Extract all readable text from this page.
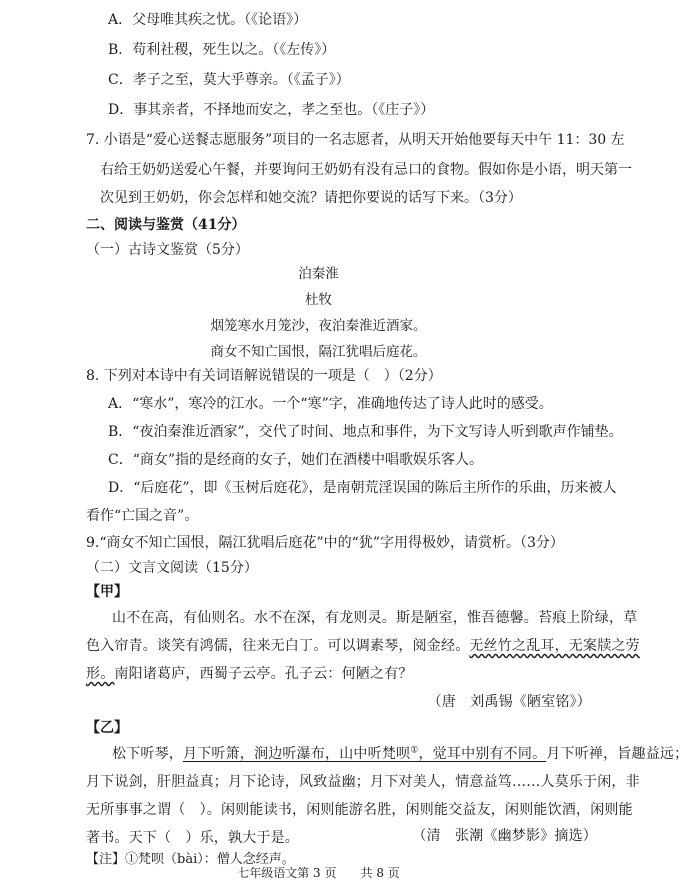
A．父母唯其疾之忧。（《论语》）
B．苟利社稷，死生以之。（《左传》）
C．孝子之至，莫大乎尊亲。（《孟子》）
D．事其亲者，不择地而安之，孝之至也。（《庄子》）
7. 小语是“爱心送餐志愿服务”项目的一名志愿者，从明天开始他要每天中午 11：30 左
右给王奶奶送爱心午餐，并要询问王奶奶有没有忌口的食物。假如你是小语，明天第一
次见到王奶奶，你会怎样和她交流？请把你要说的话写下来。（3分）
二、阅读与鉴赏（41分）
（一）古诗文鉴赏（5分）
泊秦淮
杜牧
烟笼寒水月笼沙，夜泊秦淮近酒家。
商女不知亡国恨，隔江犹唱后庭花。
8. 下列对本诗中有关词语解说错误的一项是（　）（2分）
A．“寒水”，寒冷的江水。一个“寒”字，准确地传达了诗人此时的感受。
B．“夜泊秦淮近酒家”，交代了时间、地点和事件，为下文写诗人听到歌声作铺垫。
C．“商女”指的是经商的女子，她们在酒楼中唱歌娱乐客人。
D．“后庭花”，即《玉树后庭花》，是南朝荒淫误国的陈后主所作的乐曲，历来被人
看作“亡国之音”。
9.“商女不知亡国恨，隔江犹唱后庭花”中的“犹”字用得极妙，请赏析。（3分）
（二）文言文阅读（15分）
【甲】
山不在高，有仙则名。水不在深，有龙则灵。斯是陋室，惟吾德馨。苔痕上阶绿，草
色入帘青。谈笑有鸿儒，往来无白丁。可以调素琴，阅金经。无丝竹之乱耳，无案牍之劳
形。南阳诸葛庐，西蜀子云亭。孔子云：何陋之有？
（唐　刘禹锡《陋室铭》）
【乙】
松下听琴，月下听箫，涧边听瀑布，山中听梵呗①，觉耳中别有不同。月下听禅，旨趣益远；
月下说剑，肝胆益真；月下论诗，风致益幽；月下对美人，情意益笃……人莫乐于闲，非
无所事事之谓（　）。闲则能读书，闲则能游名胜，闲则能交益友，闲则能饮酒，闲则能
著书。天下（　）乐，孰大于是。	（清　张潮《幽梦影》摘选）
【注】①梵呗（bài）：僧人念经声。
七年级语文第 3 页　　共 8 页
